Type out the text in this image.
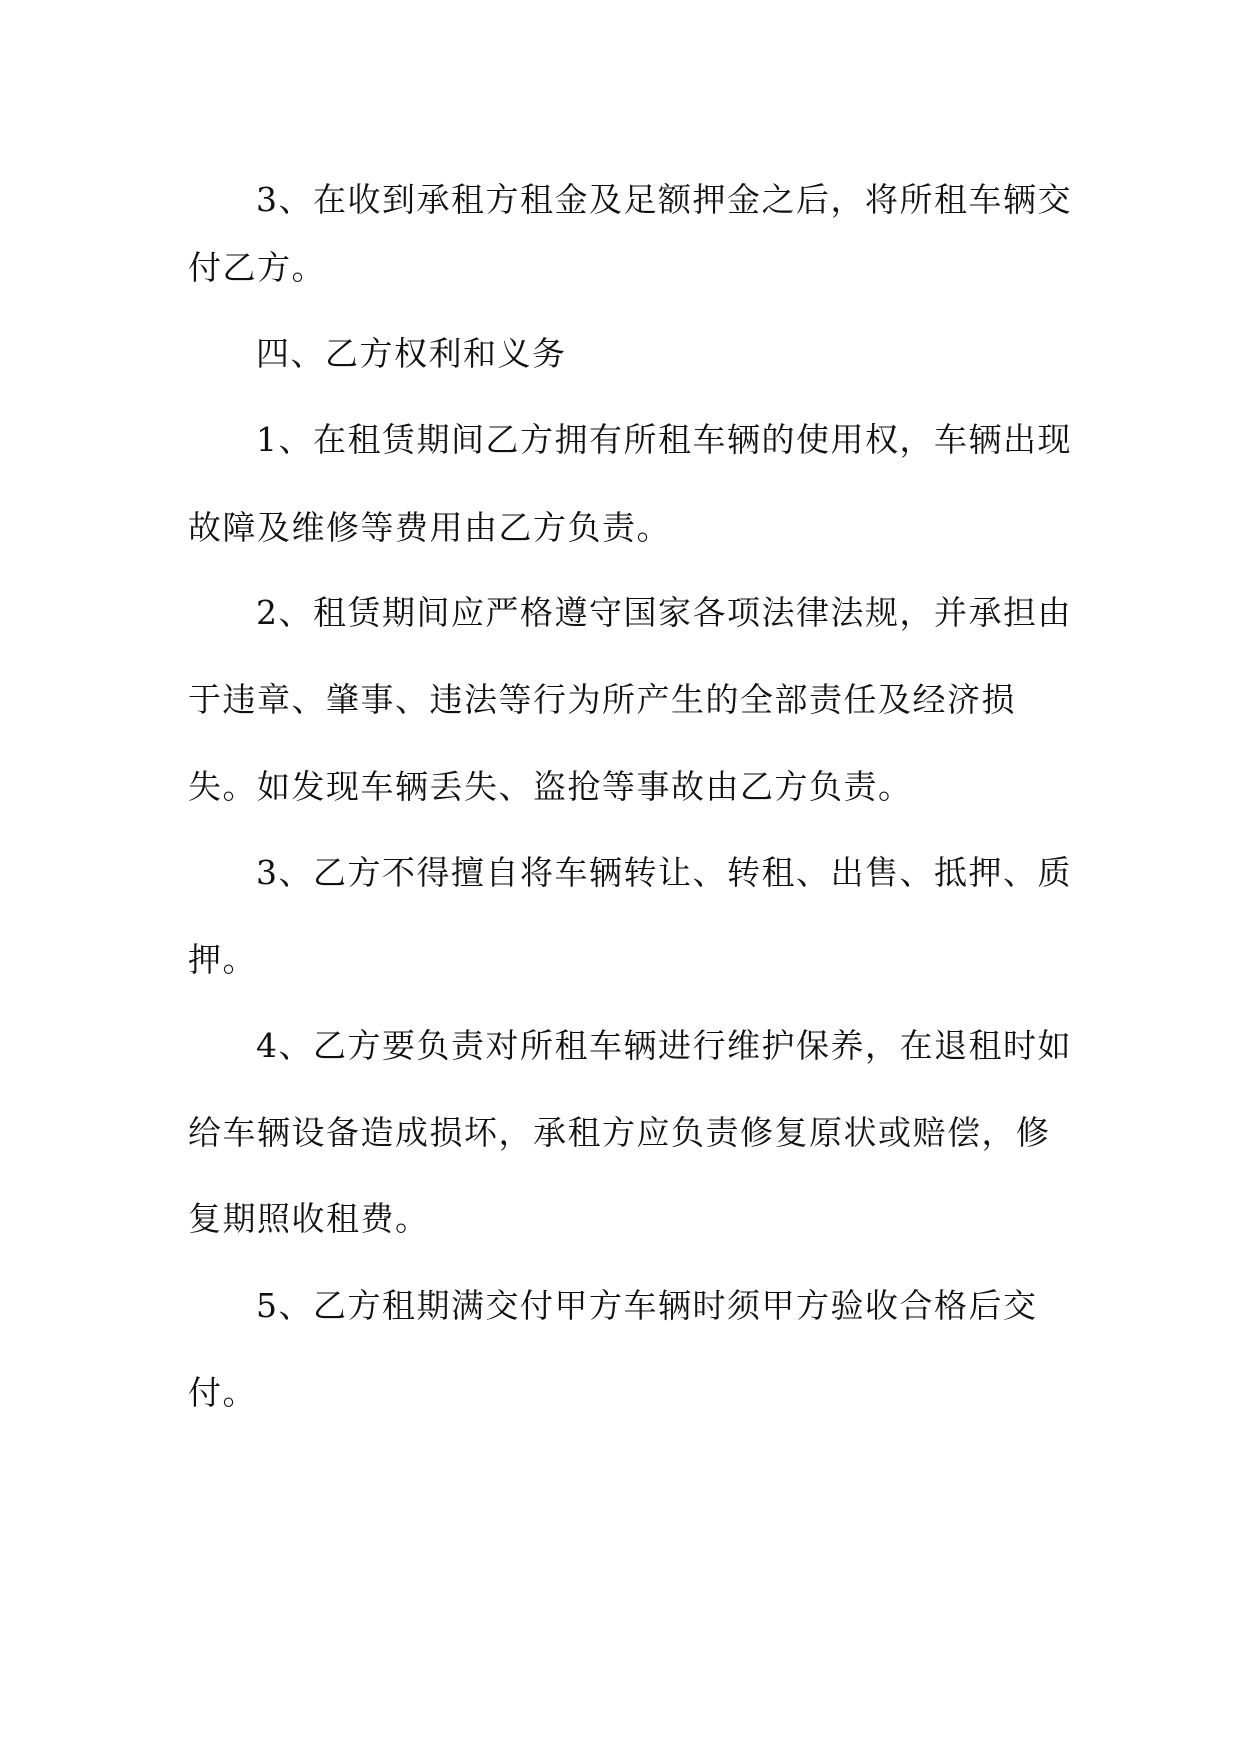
3、在收到承租方租金及足额押金之后，将所租车辆交
付乙方。
四、乙方权利和义务
1、在租赁期间乙方拥有所租车辆的使用权，车辆出现
故障及维修等费用由乙方负责。
2、租赁期间应严格遵守国家各项法律法规，并承担由
于违章、肇事、违法等行为所产生的全部责任及经济损
失。如发现车辆丢失、盗抢等事故由乙方负责。
3、乙方不得擅自将车辆转让、转租、出售、抵押、质
押。
4、乙方要负责对所租车辆进行维护保养，在退租时如
给车辆设备造成损坏，承租方应负责修复原状或赔偿，修
复期照收租费。
5、乙方租期满交付甲方车辆时须甲方验收合格后交
付。
